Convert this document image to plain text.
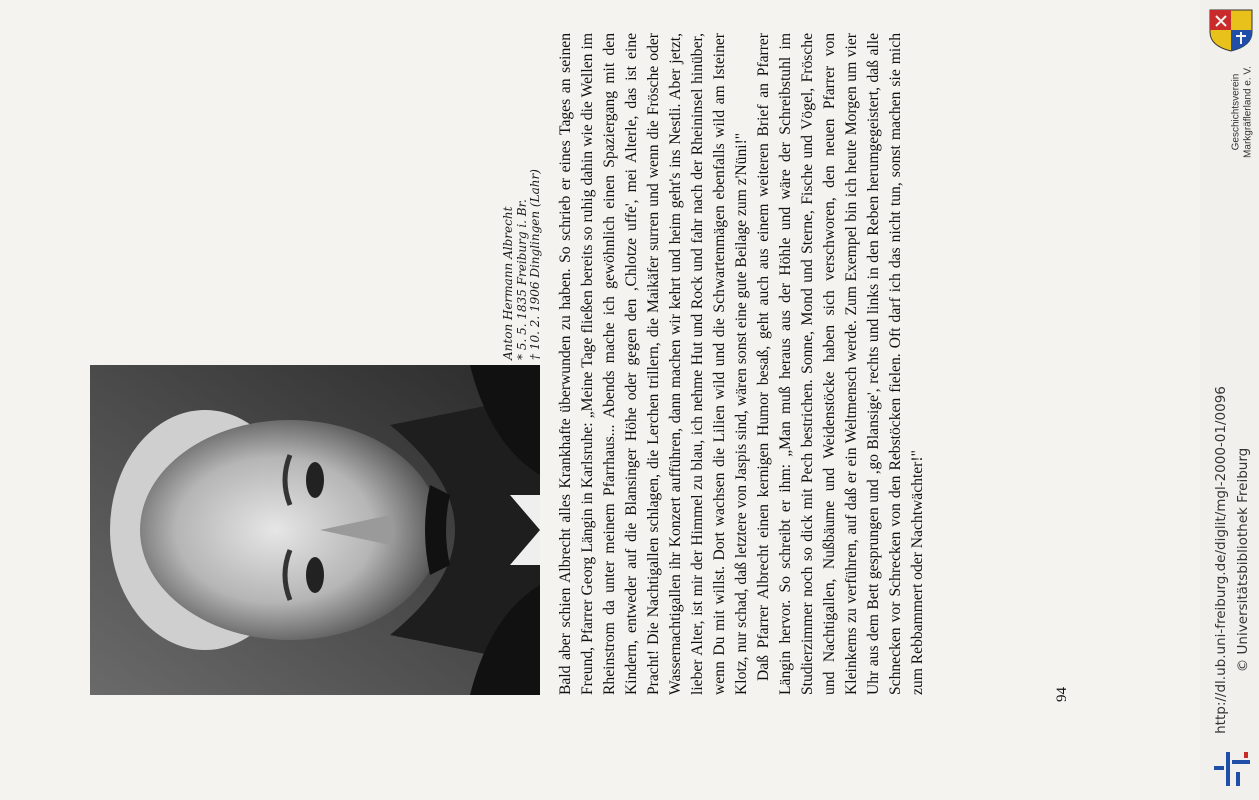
Anton Hermann Albrecht * 5. 5. 1835 Freiburg i. Br. † 10. 2. 1906 Dinglingen (Lahr) Bald aber schien Albrecht alles Krankhafte überwunden zu haben. So schrieb er eines Tages an seinen Freund, Pfarrer Georg Längin in Karlsruhe: „Meine Tage fließen bereits so ruhig dahin wie die Wellen im Rheinstrom da unter meinem Pfarrhaus... Abends mache ich gewöhnlich einen Spaziergang mit den Kindern, entweder auf die Blansinger Höhe oder gegen den ‚Chlotze uffe', mei Alterle, das ist eine Pracht! Die Nachtigallen schlagen, die Lerchen trillern, die Maikäfer surren und wenn die Frösche oder Wassernachtigallen ihr Konzert aufführen, dann machen wir kehrt und heim geht's ins Nestli. Aber jetzt, lieber Alter, ist mir der Himmel zu blau, ich nehme Hut und Rock und fahr nach der Rheininsel hinüber, wenn Du mit willst. Dort wachsen die Lilien wild und die Schwartenmägen ebenfalls wild am Isteiner Klotz, nur schad, daß letztere von Jaspis sind, wären sonst eine gute Beilage zum z'Nüni!" Daß Pfarrer Albrecht einen kernigen Humor besaß, geht auch aus einem weiteren Brief an Pfarrer Längin hervor. So schreibt er ihm: „Man muß heraus aus der Höhle und wäre der Schreibstuhl im Studierzimmer noch so dick mit Pech bestrichen. Sonne, Mond und Sterne, Fische und Vögel, Frösche und Nachtigallen, Nußbäume und Weidenstöcke haben sich verschworen, den neuen Pfarrer von Kleinkems zu verführen, auf daß er ein Weltmensch werde. Zum Exempel bin ich heute Morgen um vier Uhr aus dem Bett gesprungen und ‚go Blansige', rechts und links in den Reben herumgegeistert, daß alle Schnecken vor Schrecken von den Rebstöcken fielen. Oft darf ich das nicht tun, sonst machen sie mich zum Rebbammert oder Nachtwächter!"	94
Geschichtsverein Markgräflerland e. V.
http://dl.ub.uni-freiburg.de/diglit/mgl-2000-01/0096 © Universitätsbibliothek Freiburg
